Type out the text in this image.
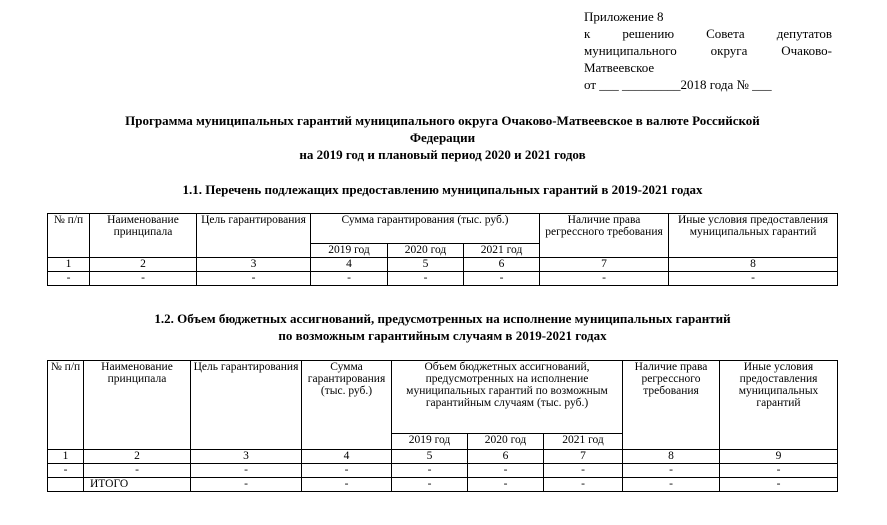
Приложение 8
к решению Совета депутатов
муниципального округа Очаково-
Матвеевское
от ___ _________2018 года № ___
Программа муниципальных гарантий муниципального округа Очаково-Матвеевское в валюте Российской
Федерации
на 2019 год и плановый период 2020 и 2021 годов
1.1. Перечень подлежащих предоставлению муниципальных гарантий в 2019-2021 годах
№ п/п	Наименование принципала	Цель гарантирования	Сумма гарантирования (тыс. руб.)			Наличие права регрессного требования	Иные условия предоставления муниципальных гарантий
			2019 год	2020 год	2021 год		
1	2	3	4	5	6	7	8
-	-	-	-	-	-	-	-
1.2. Объем бюджетных ассигнований, предусмотренных на исполнение муниципальных гарантий
по возможным гарантийным случаям в 2019-2021 годах
№ п/п	Наименование принципала	Цель гарантирования	Сумма гарантирования (тыс. руб.)	Объем бюджетных ассигнований, предусмотренных на исполнение муниципальных гарантий по возможным гарантийным случаям (тыс. руб.)			Наличие права регрессного требования	Иные условия предоставления муниципальных гарантий
				2019 год	2020 год	2021 год		
1	2	3	4	5	6	7	8	9
-	-	-	-	-	-	-	-	-
	ИТОГО	-	-	-	-	-	-	-
